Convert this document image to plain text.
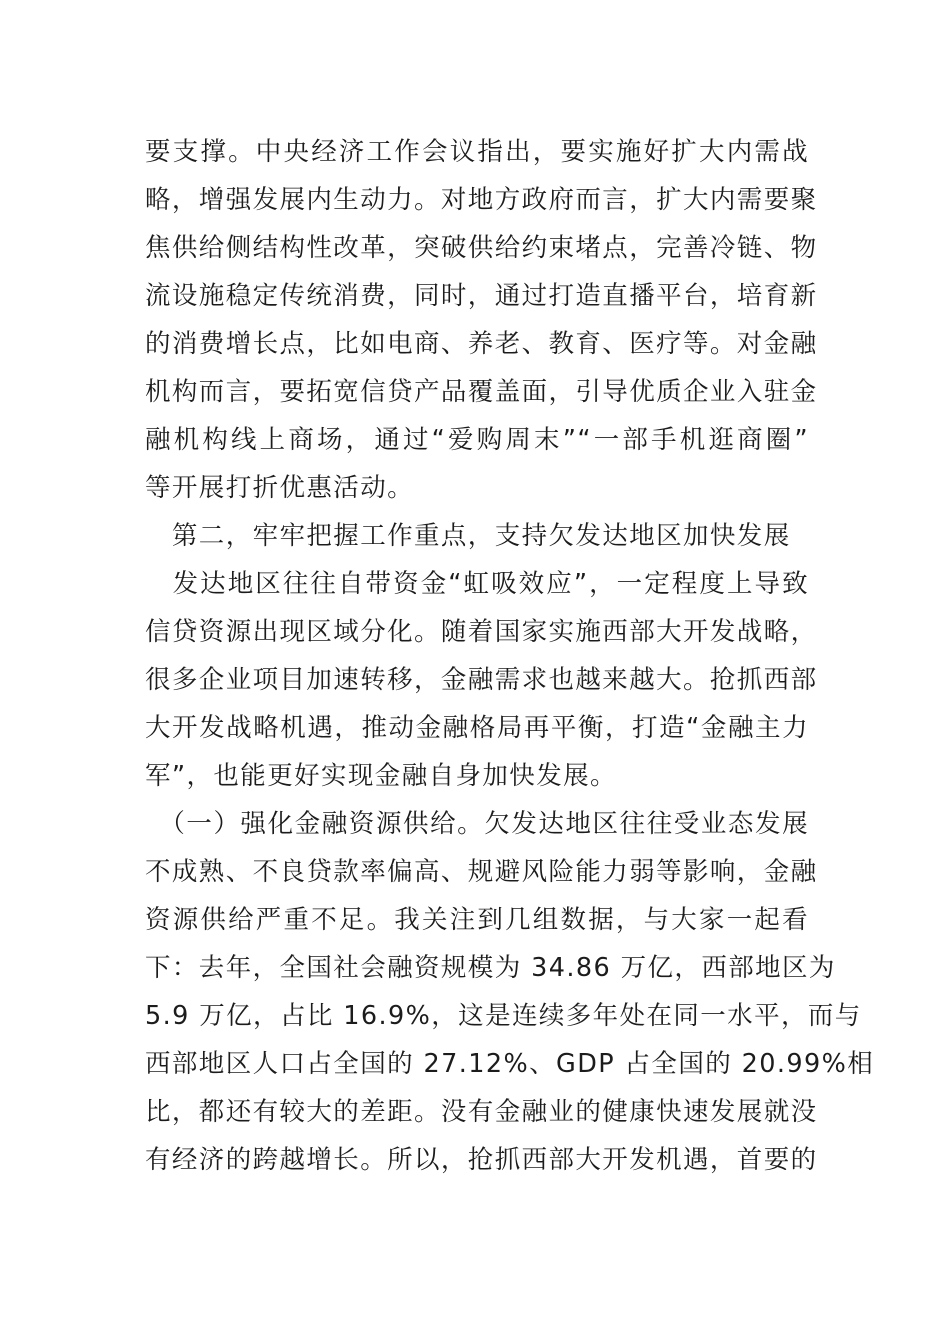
要支撑。中央经济工作会议指出，要实施好扩大内需战
略，增强发展内生动力。对地方政府而言，扩大内需要聚
焦供给侧结构性改革，突破供给约束堵点，完善冷链、物
流设施稳定传统消费，同时，通过打造直播平台，培育新
的消费增长点，比如电商、养老、教育、医疗等。对金融
机构而言，要拓宽信贷产品覆盖面，引导优质企业入驻金
融机构线上商场，通过“爱购周末”“一部手机逛商圈”
等开展打折优惠活动。
　第二，牢牢把握工作重点，支持欠发达地区加快发展
　发达地区往往自带资金“虹吸效应”，一定程度上导致
信贷资源出现区域分化。随着国家实施西部大开发战略，
很多企业项目加速转移，金融需求也越来越大。抢抓西部
大开发战略机遇，推动金融格局再平衡，打造“金融主力
军”，也能更好实现金融自身加快发展。
　（一）强化金融资源供给。欠发达地区往往受业态发展
不成熟、不良贷款率偏高、规避风险能力弱等影响，金融
资源供给严重不足。我关注到几组数据，与大家一起看
下：去年，全国社会融资规模为 34.86 万亿，西部地区为
5.9 万亿，占比 16.9%，这是连续多年处在同一水平，而与
西部地区人口占全国的 27.12%、GDP 占全国的 20.99%相
比，都还有较大的差距。没有金融业的健康快速发展就没
有经济的跨越增长。所以，抢抓西部大开发机遇，首要的
